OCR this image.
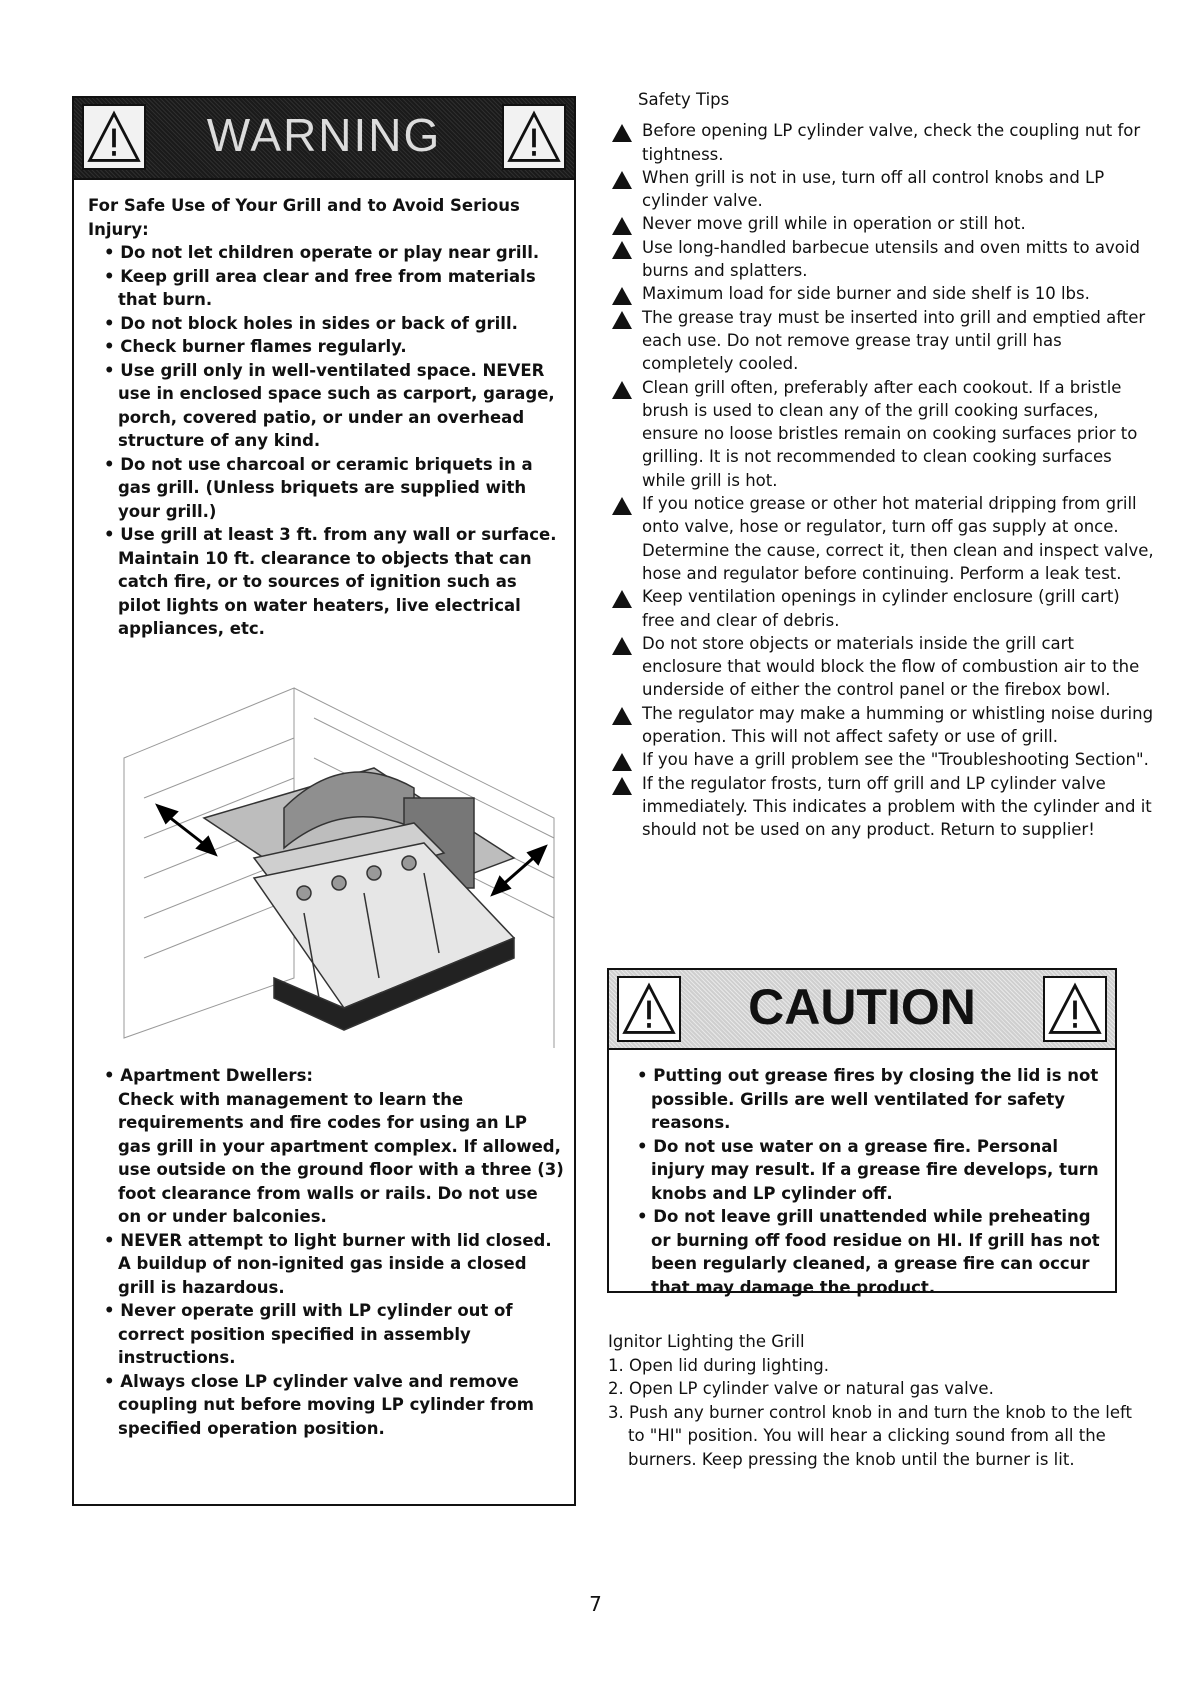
WARNING

For Safe Use of Your Grill and to Avoid Serious Injury:

• Do not let children operate or play near grill.
• Keep grill area clear and free from materials that burn.
• Do not block holes in sides or back of grill.
• Check burner flames regularly.
• Use grill only in well-ventilated space. NEVER use in enclosed space such as carport, garage, porch, covered patio, or under an overhead structure of any kind.
• Do not use charcoal or ceramic briquets in a gas grill. (Unless briquets are supplied with your grill.)
• Use grill at least 3 ft. from any wall or surface. Maintain 10 ft. clearance to objects that can catch fire, or to sources of ignition such as pilot lights on water heaters, live electrical appliances, etc.
• Apartment Dwellers:
Check with management to learn the requirements and fire codes for using an LP gas grill in your apartment complex. If allowed, use outside on the ground floor with a three (3) foot clearance from walls or rails. Do not use on or under balconies.
• NEVER attempt to light burner with lid closed. A buildup of non-ignited gas inside a closed grill is hazardous.
• Never operate grill with LP cylinder out of correct position specified in assembly instructions.
• Always close LP cylinder valve and remove coupling nut before moving LP cylinder from specified operation position.

Safety Tips

Before opening LP cylinder valve, check the coupling nut for tightness.
When grill is not in use, turn off all control knobs and LP cylinder valve.
Never move grill while in operation or still hot.
Use long-handled barbecue utensils and oven mitts to avoid burns and splatters.
Maximum load for side burner and side shelf is 10 lbs.
The grease tray must be inserted into grill and emptied after each use. Do not remove grease tray until grill has completely cooled.
Clean grill often, preferably after each cookout. If a bristle brush is used to clean any of the grill cooking surfaces, ensure no loose bristles remain on cooking surfaces prior to grilling. It is not recommended to clean cooking surfaces while grill is hot.
If you notice grease or other hot material dripping from grill onto valve, hose or regulator, turn off gas supply at once. Determine the cause, correct it, then clean and inspect valve, hose and regulator before continuing. Perform a leak test.
Keep ventilation openings in cylinder enclosure (grill cart) free and clear of debris.
Do not store objects or materials inside the grill cart enclosure that would block the flow of combustion air to the underside of either the control panel or the firebox bowl.
The regulator may make a humming or whistling noise during operation. This will not affect safety or use of grill.
If you have a grill problem see the "Troubleshooting Section".
If the regulator frosts, turn off grill and LP cylinder valve immediately. This indicates a problem with the cylinder and it should not be used on any product. Return to supplier!
CAUTION
• Putting out grease fires by closing the lid is not possible. Grills are well ventilated for safety reasons.
• Do not use water on a grease fire. Personal injury may result. If a grease fire develops, turn knobs and LP cylinder off.
• Do not leave grill unattended while preheating or burning off food residue on HI. If grill has not been regularly cleaned, a grease fire can occur that may damage the product.

Ignitor Lighting the Grill

1. Open lid during lighting.
2. Open LP cylinder valve or natural gas valve.
3. Push any burner control knob in and turn the knob to the left to "HI" position. You will hear a clicking sound from all the burners. Keep pressing the knob until the burner is lit.
7
